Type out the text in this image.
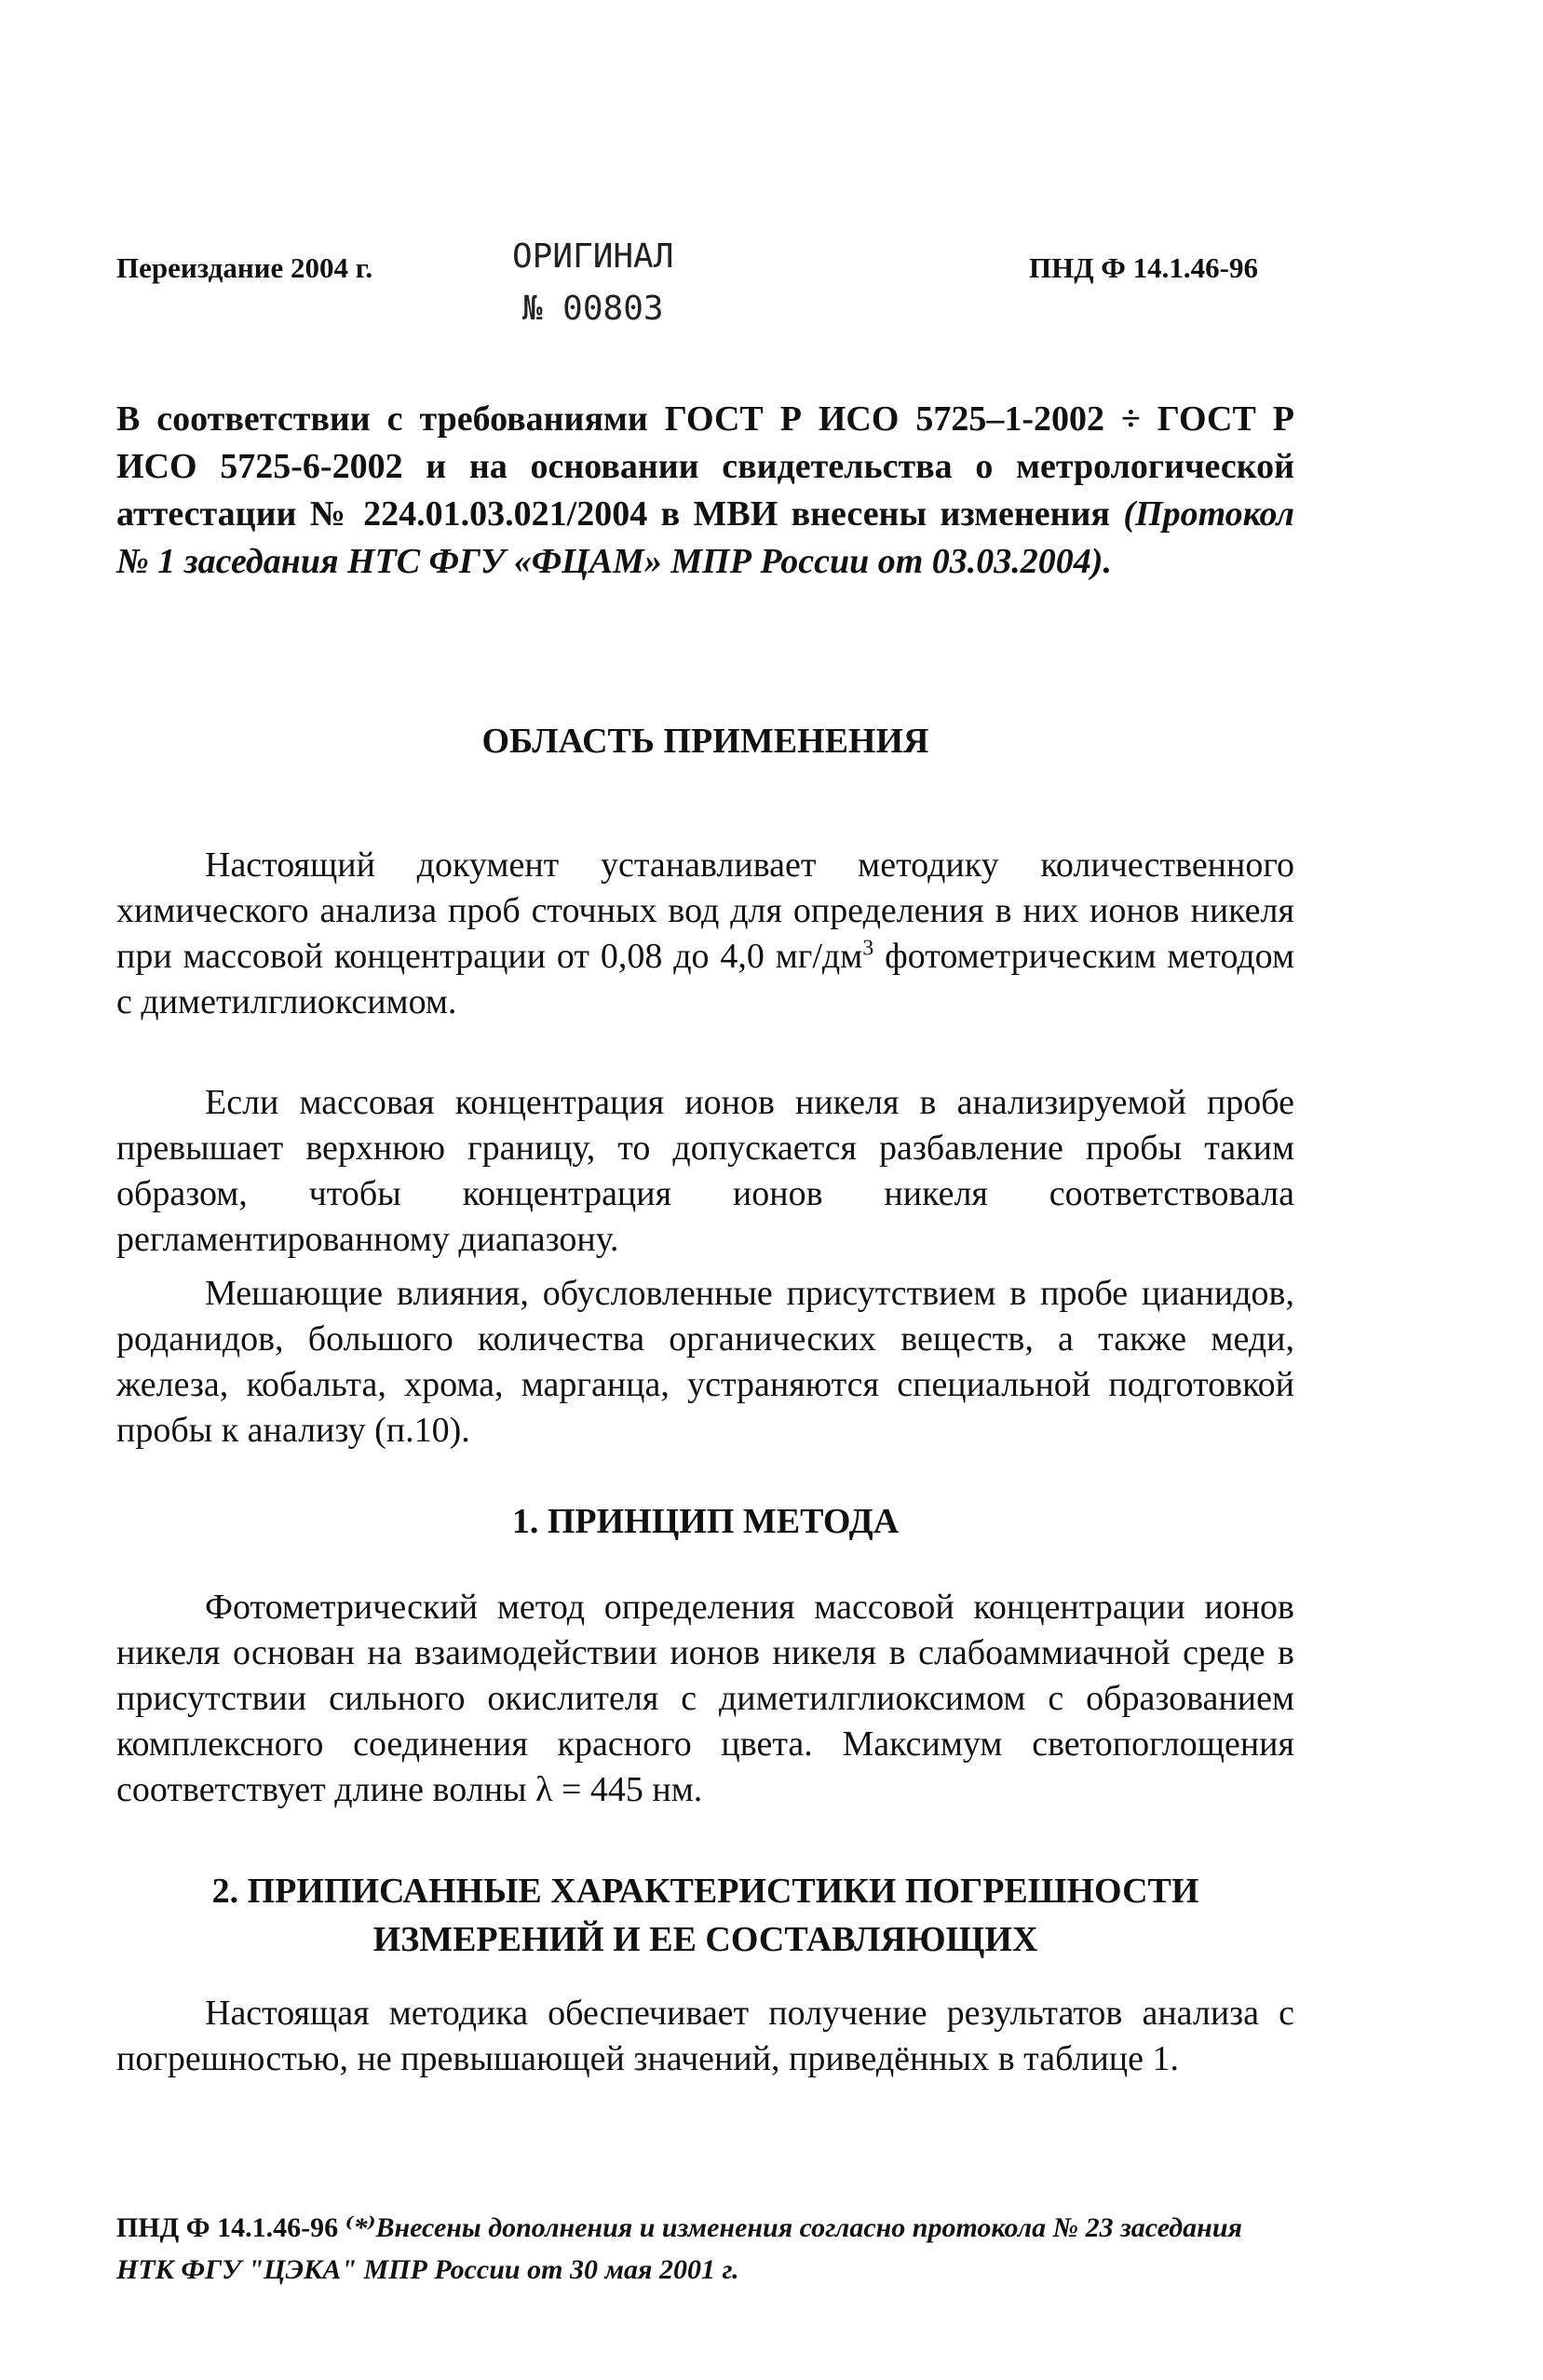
Переиздание 2004 г.	ОРИГИНАЛ
№ 00803
ПНД Ф 14.1.46-96
В соответствии с требованиями ГОСТ Р ИСО 5725–1-2002 ÷ ГОСТ Р ИСО 5725-6-2002 и на основании свидетельства о метрологической аттестации № 224.01.03.021/2004 в МВИ внесены изменения (Протокол № 1 заседания НТС ФГУ «ФЦАМ» МПР России от 03.03.2004).
ОБЛАСТЬ ПРИМЕНЕНИЯ
Настоящий документ устанавливает методику количественного химического анализа проб сточных вод для определения в них ионов никеля при массовой концентрации от 0,08 до 4,0 $мг/дм^3$ фотометрическим методом с диметилглиоксимом.
Если массовая концентрация ионов никеля в анализируемой пробе превышает верхнюю границу, то допускается разбавление пробы таким образом, чтобы концентрация ионов никеля соответствовала регламентированному диапазону.
Мешающие влияния, обусловленные присутствием в пробе цианидов, роданидов, большого количества органических веществ, а также меди, железа, кобальта, хрома, марганца, устраняются специальной подготовкой пробы к анализу (п.10).
1. ПРИНЦИП МЕТОДА
Фотометрический метод определения массовой концентрации ионов никеля основан на взаимодействии ионов никеля в слабоаммиачной среде в присутствии сильного окислителя с диметилглиоксимом с образованием комплексного соединения красного цвета. Максимум светопоглощения соответствует длине волны λ = 445 нм.
2. ПРИПИСАННЫЕ ХАРАКТЕРИСТИКИ ПОГРЕШНОСТИ
ИЗМЕРЕНИЙ И ЕЕ СОСТАВЛЯЮЩИХ
Настоящая методика обеспечивает получение результатов анализа с погрешностью, не превышающей значений, приведённых в таблице 1.
ПНД Ф 14.1.46-96 ⁽*⁾Внесены дополнения и изменения согласно протокола № 23 заседания НТК ФГУ "ЦЭКА" МПР России от 30 мая 2001 г.
